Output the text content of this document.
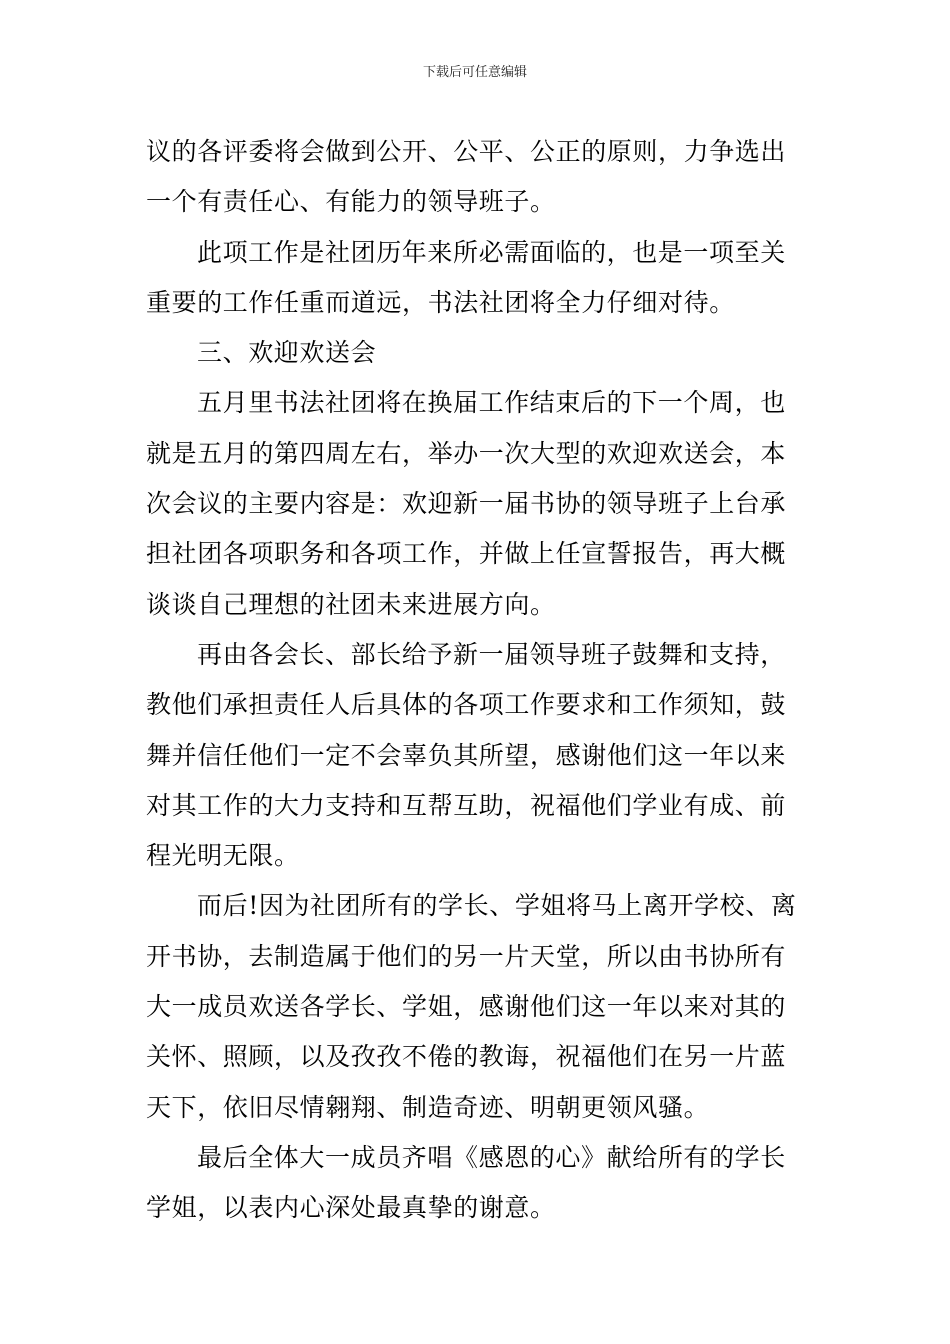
下载后可任意编辑
议的各评委将会做到公开、公平、公正的原则，力争选出
一个有责任心、有能力的领导班子。
此项工作是社团历年来所必需面临的，也是一项至关
重要的工作任重而道远，书法社团将全力仔细对待。
三、欢迎欢送会
五月里书法社团将在换届工作结束后的下一个周，也
就是五月的第四周左右，举办一次大型的欢迎欢送会，本
次会议的主要内容是：欢迎新一届书协的领导班子上台承
担社团各项职务和各项工作，并做上任宣誓报告，再大概
谈谈自己理想的社团未来进展方向。
再由各会长、部长给予新一届领导班子鼓舞和支持，
教他们承担责任人后具体的各项工作要求和工作须知，鼓
舞并信任他们一定不会辜负其所望，感谢他们这一年以来
对其工作的大力支持和互帮互助，祝福他们学业有成、前
程光明无限。
而后!因为社团所有的学长、学姐将马上离开学校、离
开书协，去制造属于他们的另一片天堂，所以由书协所有
大一成员欢送各学长、学姐，感谢他们这一年以来对其的
关怀、照顾，以及孜孜不倦的教诲，祝福他们在另一片蓝
天下，依旧尽情翱翔、制造奇迹、明朝更领风骚。
最后全体大一成员齐唱《感恩的心》献给所有的学长
学姐，以表内心深处最真挚的谢意。
